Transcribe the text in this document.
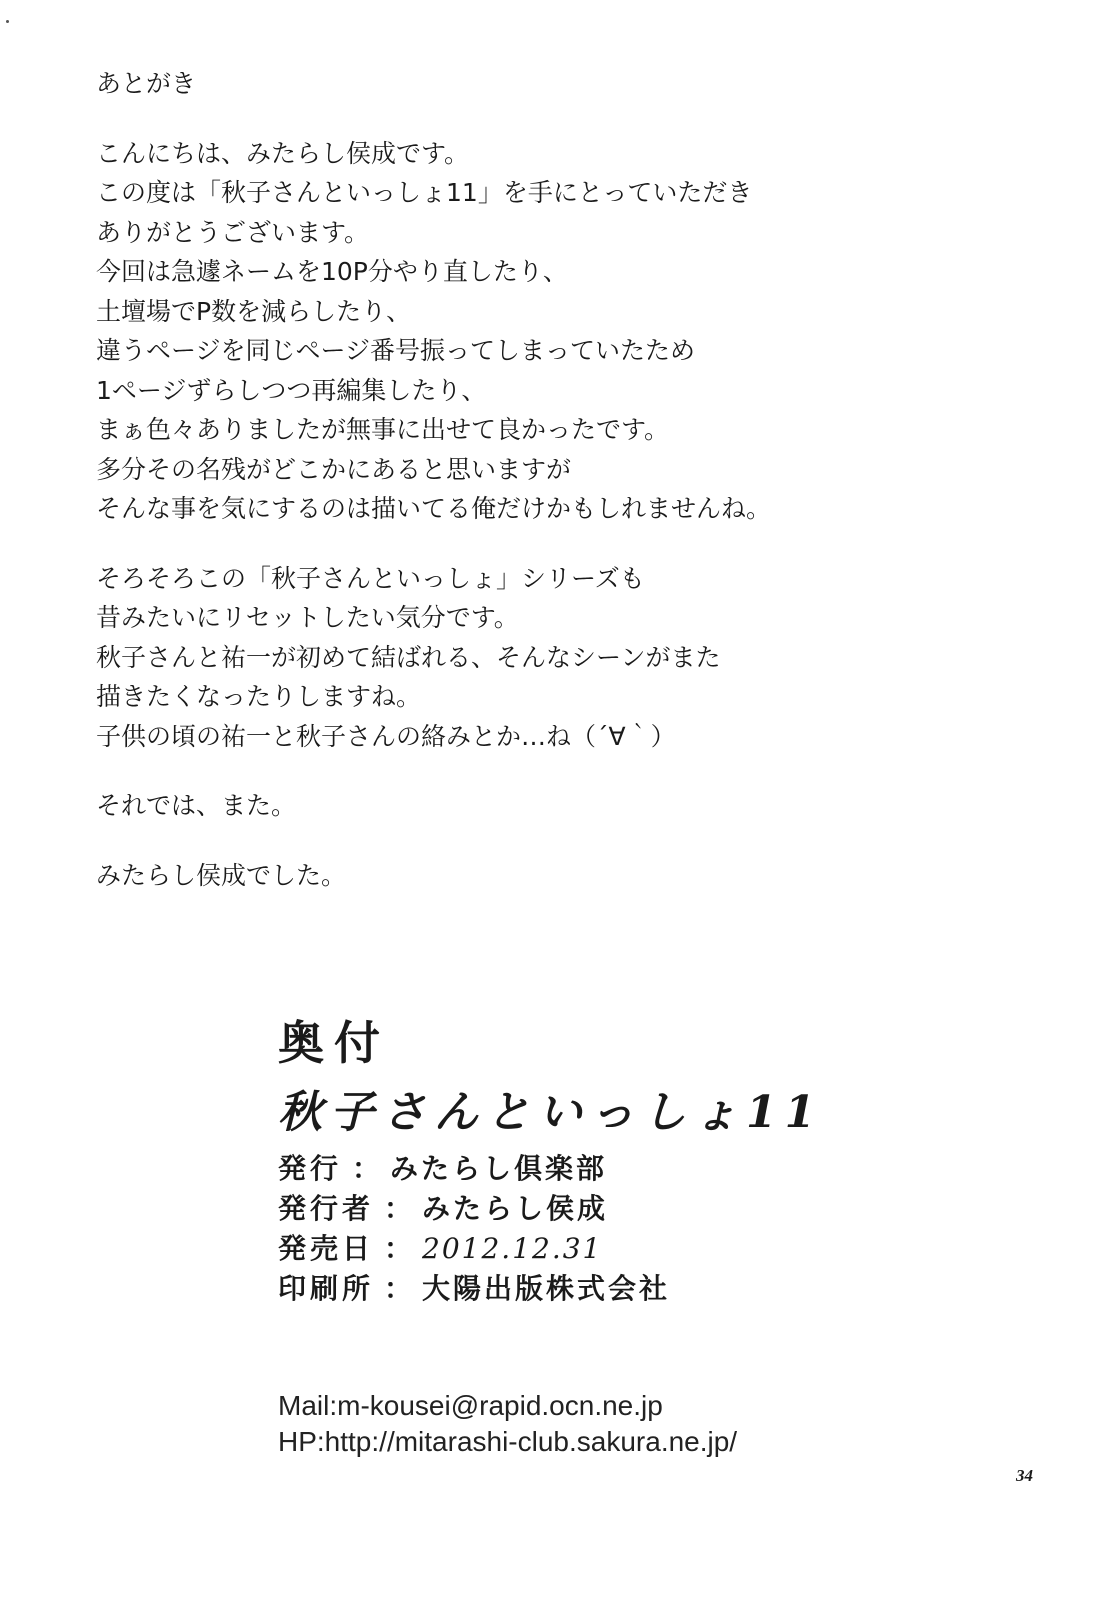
あとがき
こんにちは、みたらし侯成です。
この度は「秋子さんといっしょ11」を手にとっていただき
ありがとうございます。
今回は急遽ネームを10P分やり直したり、
土壇場でP数を減らしたり、
違うページを同じページ番号振ってしまっていたため
1ページずらしつつ再編集したり、
まぁ色々ありましたが無事に出せて良かったです。
多分その名残がどこかにあると思いますが
そんな事を気にするのは描いてる俺だけかもしれませんね。
そろそろこの「秋子さんといっしょ」シリーズも
昔みたいにリセットしたい気分です。
秋子さんと祐一が初めて結ばれる、そんなシーンがまた
描きたくなったりしますね。
子供の頃の祐一と秋子さんの絡みとか…ね（´∀｀）
それでは、また。
みたらし侯成でした。
奥付
秋子さんといっしょ11
発行 ： みたらし倶楽部
発行者 ： みたらし侯成
発売日 ： 2012.12.31
印刷所 ： 大陽出版株式会社
Mail:m-kousei@rapid.ocn.ne.jp
HP:http://mitarashi-club.sakura.ne.jp/
34
